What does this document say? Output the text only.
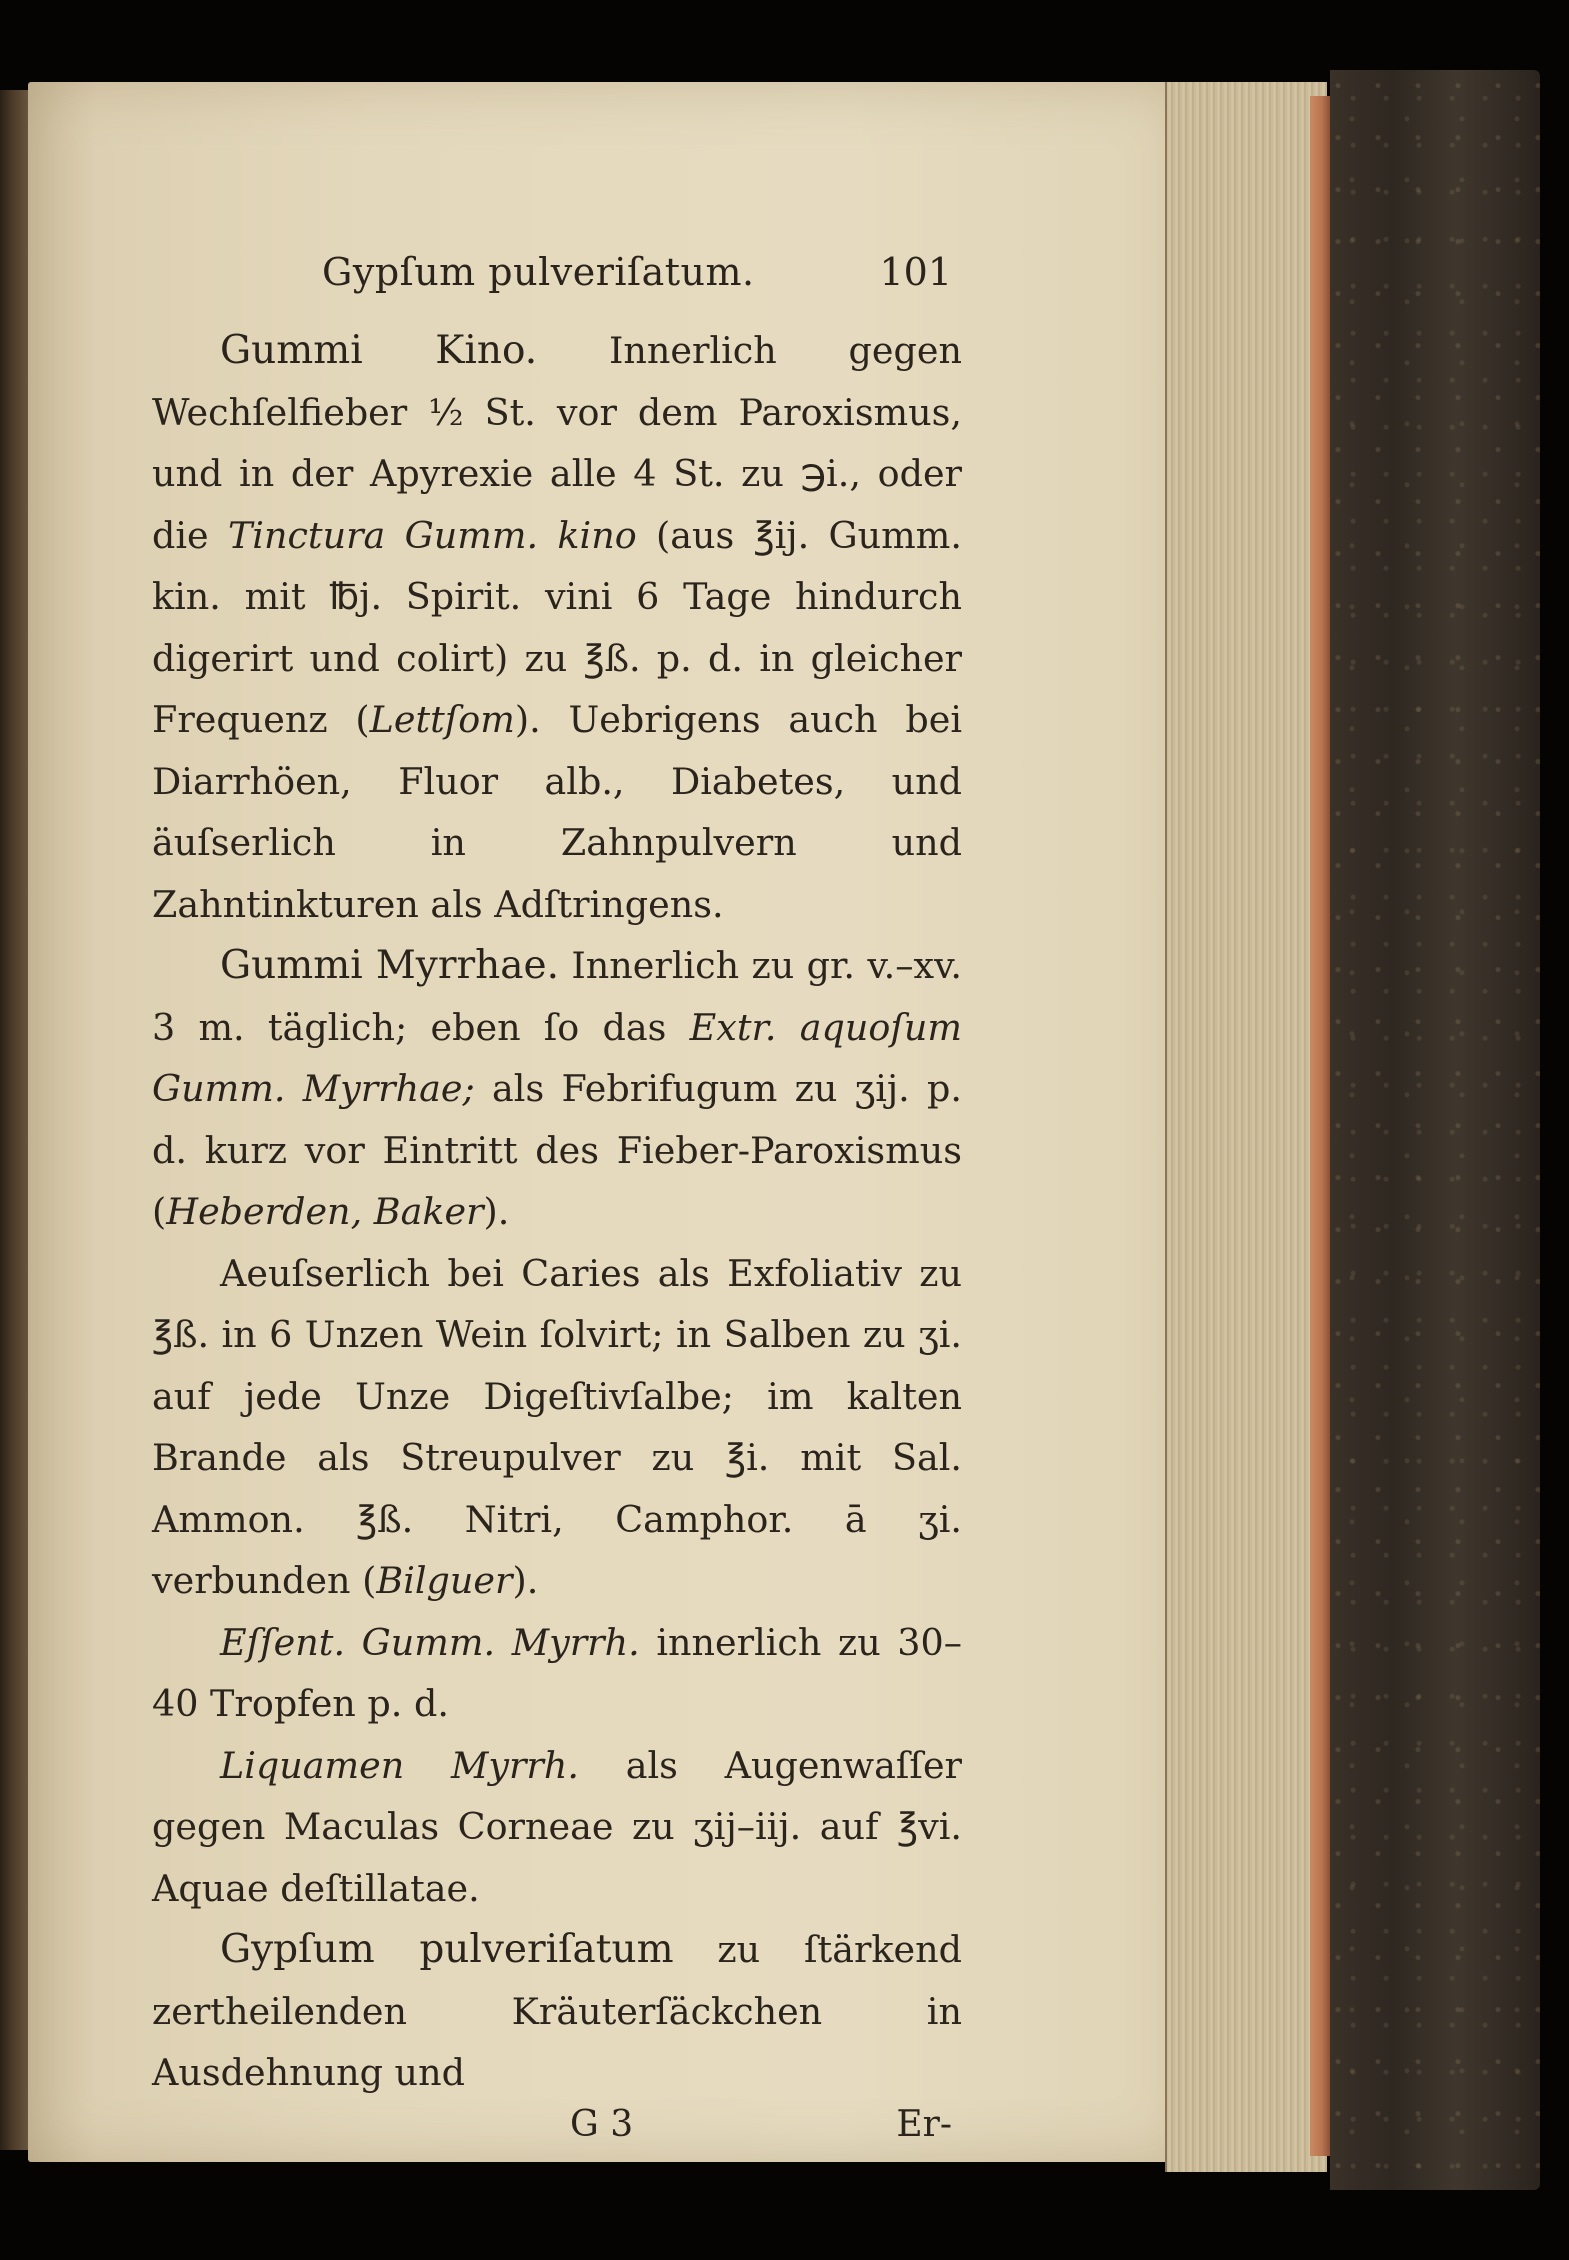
Gypſum pulveriſatum.	101

Gummi Kino. Innerlich gegen Wechſelfieber ½ St. vor dem Paroxismus, und in der Apyrexie alle 4 St. zu ℈i., oder die Tinctura Gumm. kino (aus ℥ij. Gumm. kin. mit ℔j. Spirit. vini 6 Tage hindurch digerirt und colirt) zu ℥ß. p. d. in gleicher Frequenz (Lettſom). Uebrigens auch bei Diarrhöen, Fluor alb., Diabetes, und äuſserlich in Zahnpulvern und Zahntinkturen als Adſtringens.

Gummi Myrrhae. Innerlich zu gr. v.–xv. 3 m. täglich; eben ſo das Extr. aquoſum Gumm. Myrrhae; als Febrifugum zu ʒij. p. d. kurz vor Eintritt des Fieber-Paroxismus (Heberden, Baker).

Aeuſserlich bei Caries als Exfoliativ zu ℥ß. in 6 Unzen Wein ſolvirt; in Salben zu ʒi. auf jede Unze Digeſtivſalbe; im kalten Brande als Streupulver zu ℥i. mit Sal. Ammon. ℥ß. Nitri, Camphor. ā ʒi. verbunden (Bilguer).

Eſſent. Gumm. Myrrh. innerlich zu 30–40 Tropfen p. d.

Liquamen Myrrh. als Augenwaſſer gegen Maculas Corneae zu ʒij–iij. auf ℥vi. Aquae deſtillatae.

Gypſum pulveriſatum zu ſtärkend zertheilenden Kräuterſäckchen in Ausdehnung und

G 3	Er-
